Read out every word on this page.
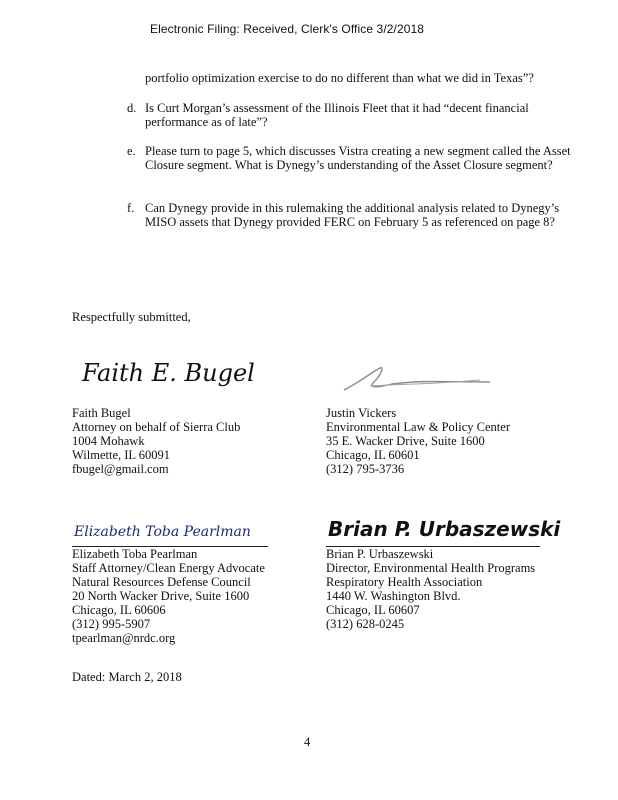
Electronic Filing: Received, Clerk's Office 3/2/2018
portfolio optimization exercise to do no different than what we did in Texas”?
d. Is Curt Morgan’s assessment of the Illinois Fleet that it had “decent financial performance as of late”?
e. Please turn to page 5, which discusses Vistra creating a new segment called the Asset Closure segment. What is Dynegy’s understanding of the Asset Closure segment?
f. Can Dynegy provide in this rulemaking the additional analysis related to Dynegy’s MISO assets that Dynegy provided FERC on February 5 as referenced on page 8?
Respectfully submitted,
Faith E. Bugel
Faith Bugel
Attorney on behalf of Sierra Club
1004 Mohawk
Wilmette, IL 60091
fbugel@gmail.com
Justin Vickers
Environmental Law & Policy Center
35 E. Wacker Drive, Suite 1600
Chicago, IL 60601
(312) 795-3736
Elizabeth Toba Pearlman	Brian P. Urbaszewski
Elizabeth Toba Pearlman
Staff Attorney/Clean Energy Advocate
Natural Resources Defense Council
20 North Wacker Drive, Suite 1600
Chicago, IL 60606
(312) 995-5907
tpearlman@nrdc.org
Brian P. Urbaszewski
Director, Environmental Health Programs
Respiratory Health Association
1440 W. Washington Blvd.
Chicago, IL 60607
(312) 628-0245
Dated: March 2, 2018
4
